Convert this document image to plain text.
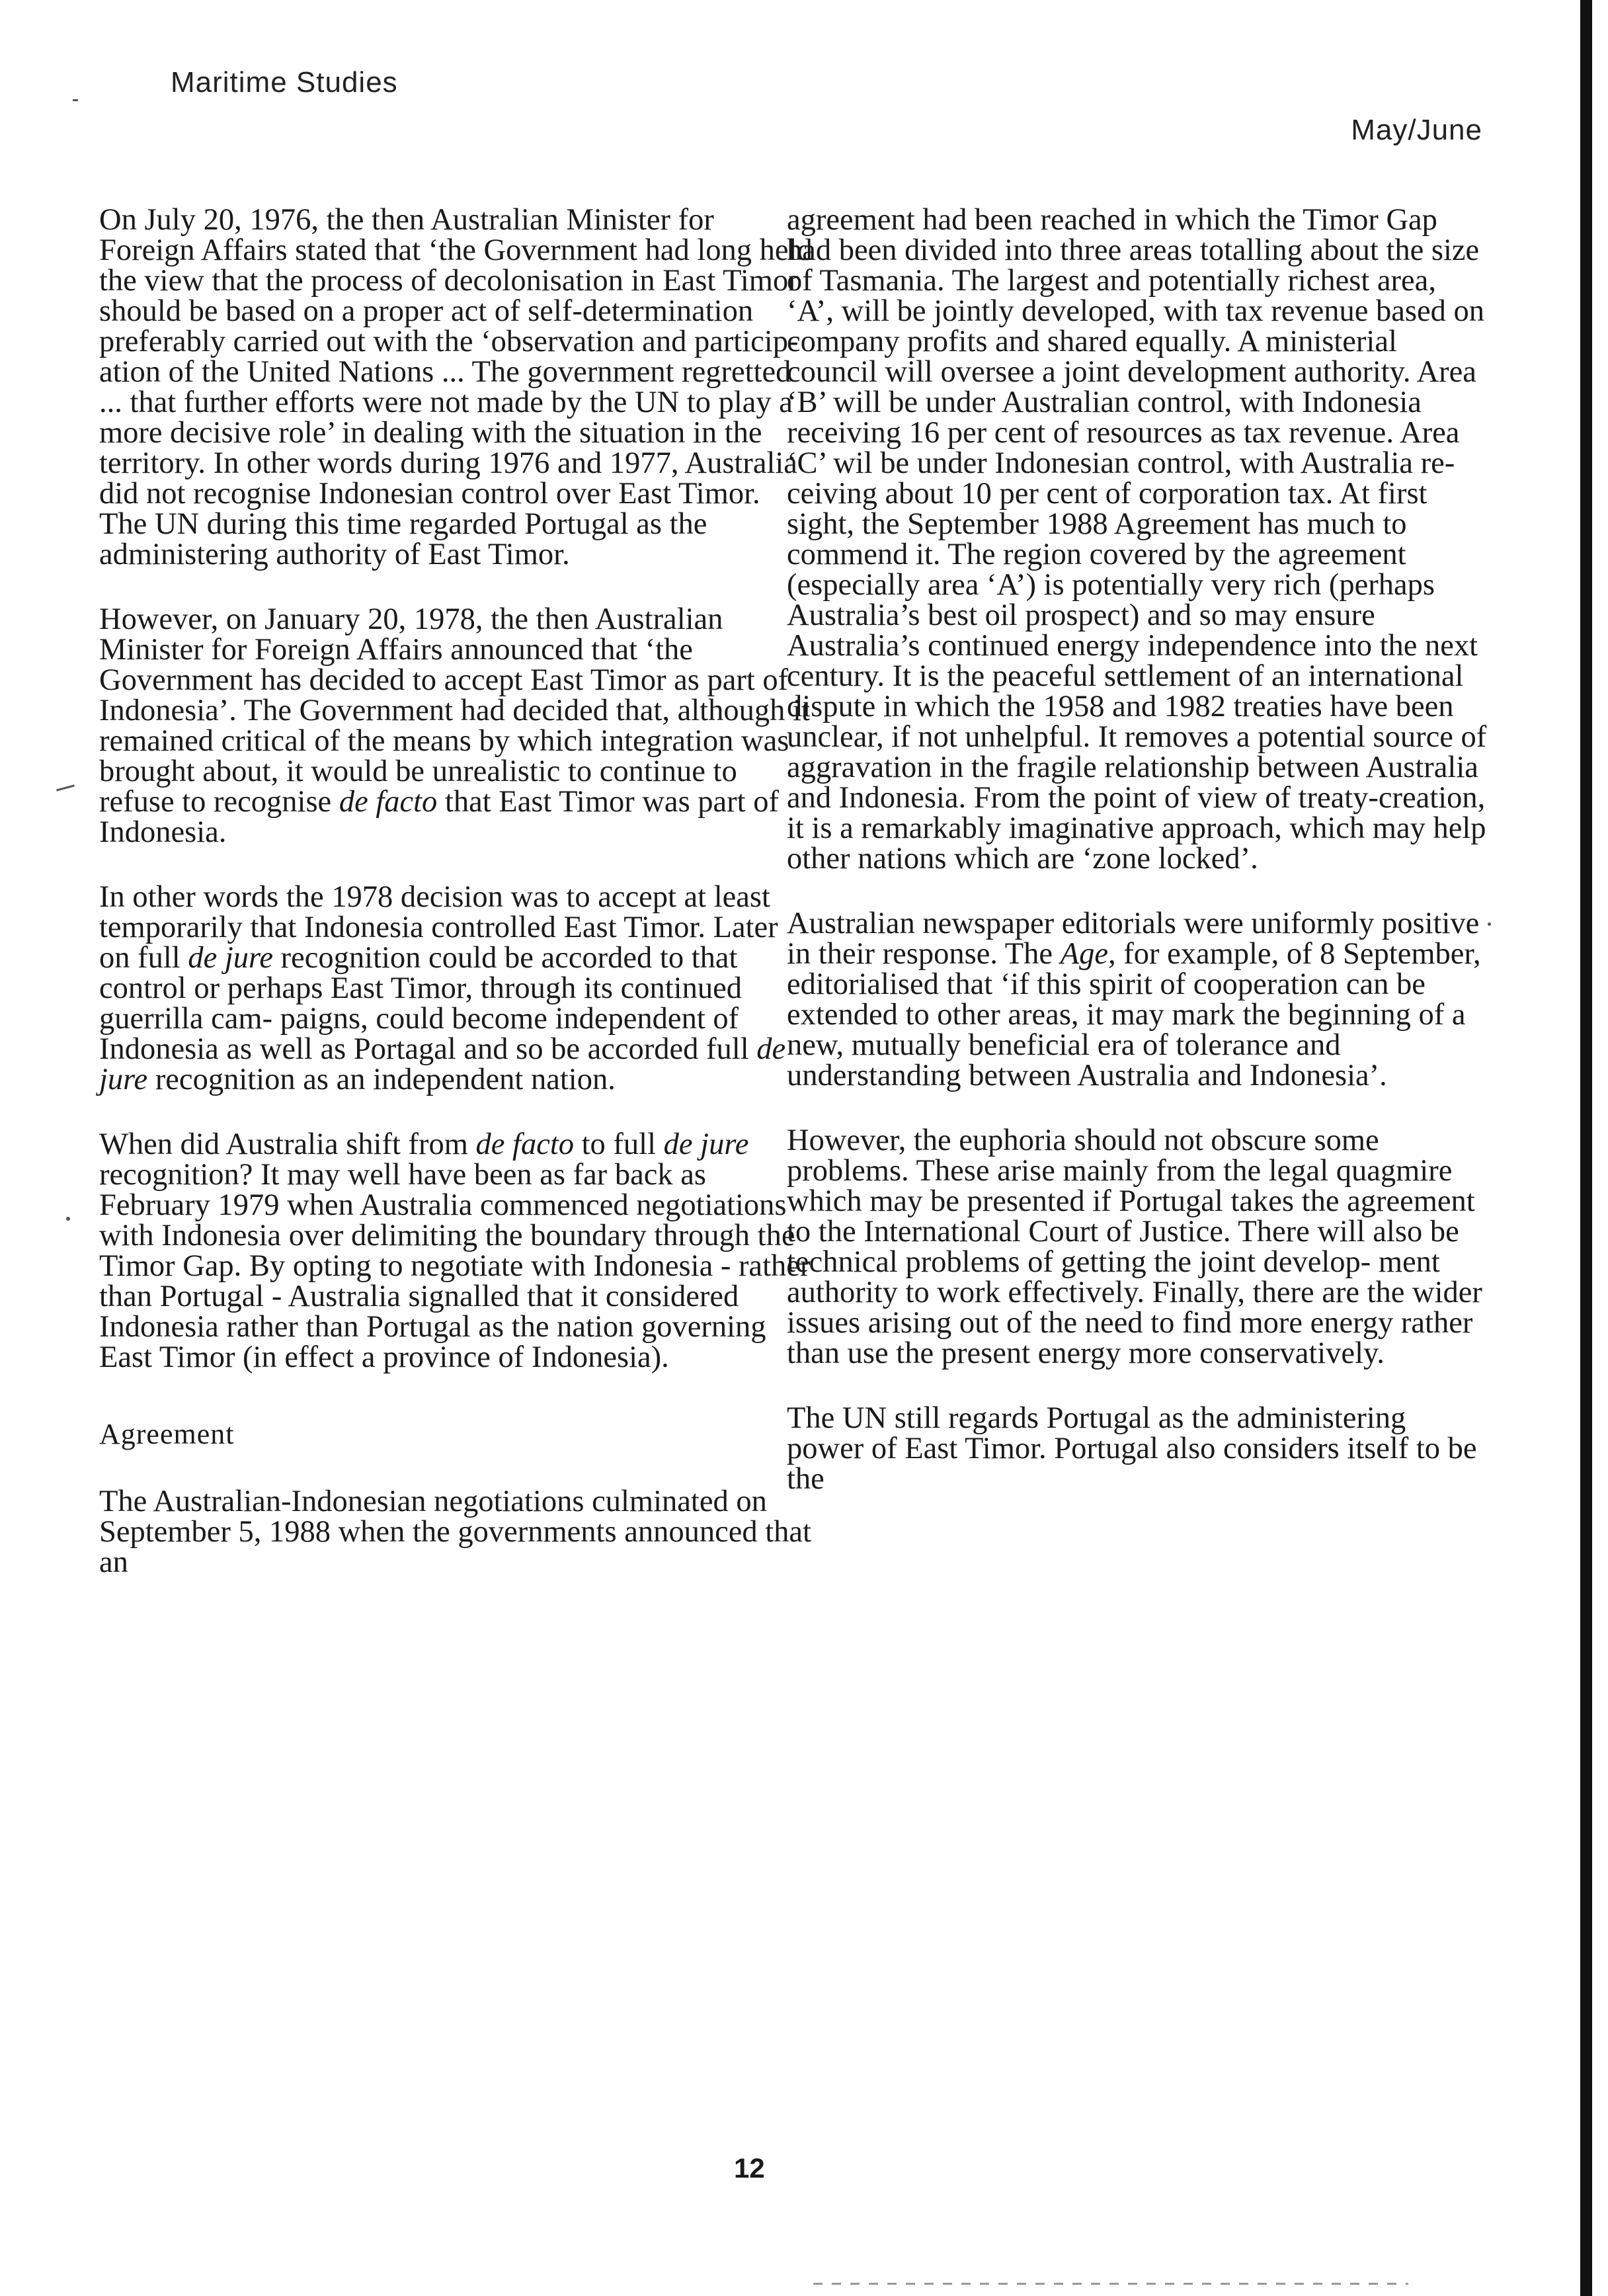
Maritime Studies
May/June

On July 20, 1976, the then Australian Minister for Foreign Affairs stated that ‘the Government had long held the view that the process of decolonisation in East Timor should be based on a proper act of self-determination preferably carried out with the ‘observation and particip- ation of the United Nations ... The government regretted ... that further efforts were not made by the UN to play a more decisive role’ in dealing with the situation in the territory. In other words during 1976 and 1977, Australia did not recognise Indonesian control over East Timor. The UN during this time regarded Portugal as the administering authority of East Timor.

However, on January 20, 1978, the then Australian Minister for Foreign Affairs announced that ‘the Government has decided to accept East Timor as part of Indonesia’. The Government had decided that, although it remained critical of the means by which integration was brought about, it would be unrealistic to continue to refuse to recognise de facto that East Timor was part of Indonesia.

In other words the 1978 decision was to accept at least temporarily that Indonesia controlled East Timor. Later on full de jure recognition could be accorded to that control or perhaps East Timor, through its continued guerrilla cam- paigns, could become independent of Indonesia as well as Portagal and so be accorded full de jure recognition as an independent nation.

When did Australia shift from de facto to full de jure recognition? It may well have been as far back as February 1979 when Australia commenced negotiations with Indonesia over delimiting the boundary through the Timor Gap. By opting to negotiate with Indonesia - rather than Portugal - Australia signalled that it considered Indonesia rather than Portugal as the nation governing East Timor (in effect a province of Indonesia).

Agreement

The Australian-Indonesian negotiations culminated on September 5, 1988 when the governments announced that an

agreement had been reached in which the Timor Gap had been divided into three areas totalling about the size of Tasmania. The largest and potentially richest area, ‘A’, will be jointly developed, with tax revenue based on company profits and shared equally. A ministerial council will oversee a joint development authority. Area ‘B’ will be under Australian control, with Indonesia receiving 16 per cent of resources as tax revenue. Area ‘C’ wil be under Indonesian control, with Australia re- ceiving about 10 per cent of corporation tax. At first sight, the September 1988 Agreement has much to commend it. The region covered by the agreement (especially area ‘A’) is potentially very rich (perhaps Australia’s best oil prospect) and so may ensure Australia’s continued energy independence into the next century. It is the peaceful settlement of an international dispute in which the 1958 and 1982 treaties have been unclear, if not unhelpful. It removes a potential source of aggravation in the fragile relationship between Australia and Indonesia. From the point of view of treaty-creation, it is a remarkably imaginative approach, which may help other nations which are ‘zone locked’.

Australian newspaper editorials were uniformly positive in their response. The Age, for example, of 8 September, editorialised that ‘if this spirit of cooperation can be extended to other areas, it may mark the beginning of a new, mutually beneficial era of tolerance and understanding between Australia and Indonesia’.

However, the euphoria should not obscure some problems. These arise mainly from the legal quagmire which may be presented if Portugal takes the agreement to the International Court of Justice. There will also be technical problems of getting the joint develop- ment authority to work effectively. Finally, there are the wider issues arising out of the need to find more energy rather than use the present energy more conservatively.

The UN still regards Portugal as the administering power of East Timor. Portugal also considers itself to be the

12
